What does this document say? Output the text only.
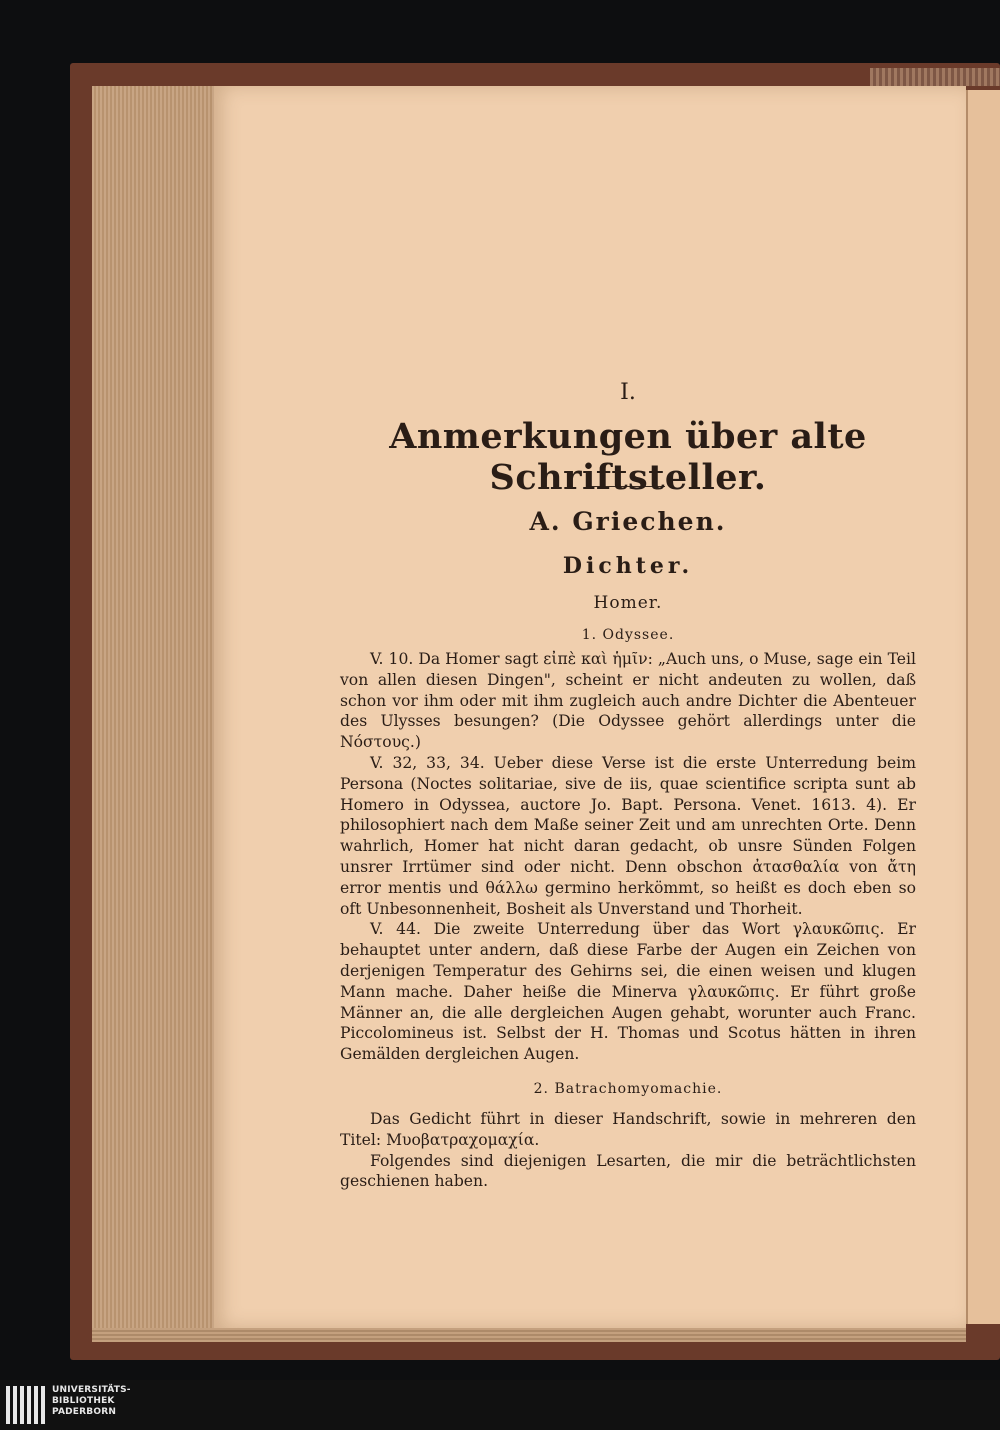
I.
Anmerkungen über alte Schriftsteller.
A. Griechen.
Dichter.
Homer.
1. Odyssee.

V. 10. Da Homer sagt εἰπὲ καὶ ἡμῖν: „Auch uns, o Muse, sage ein Teil von allen diesen Dingen", scheint er nicht andeuten zu wollen, daß schon vor ihm oder mit ihm zugleich auch andre Dichter die Abenteuer des Ulysses besungen? (Die Odyssee gehört allerdings unter die Νόστους.)

V. 32, 33, 34. Ueber diese Verse ist die erste Unterredung beim Persona (Noctes solitariae, sive de iis, quae scientifice scripta sunt ab Homero in Odyssea, auctore Jo. Bapt. Persona. Venet. 1613. 4). Er philosophiert nach dem Maße seiner Zeit und am unrechten Orte. Denn wahrlich, Homer hat nicht daran gedacht, ob unsre Sünden Folgen unsrer Irrtümer sind oder nicht. Denn obschon ἀτασθαλία von ἄτη error mentis und θάλλω germino herkömmt, so heißt es doch eben so oft Unbesonnenheit, Bosheit als Unverstand und Thorheit.

V. 44. Die zweite Unterredung über das Wort γλαυκῶπις. Er behauptet unter andern, daß diese Farbe der Augen ein Zeichen von derjenigen Temperatur des Gehirns sei, die einen weisen und klugen Mann mache. Daher heiße die Minerva γλαυκῶπις. Er führt große Männer an, die alle dergleichen Augen gehabt, worunter auch Franc. Piccolomineus ist. Selbst der H. Thomas und Scotus hätten in ihren Gemälden dergleichen Augen.

2. Batrachomyomachie.

Das Gedicht führt in dieser Handschrift, sowie in mehreren den Titel: Μυοβατραχομαχία.

Folgendes sind diejenigen Lesarten, die mir die beträchtlichsten geschienen haben.

UNIVERSITÄTS-
BIBLIOTHEK
PADERBORN
